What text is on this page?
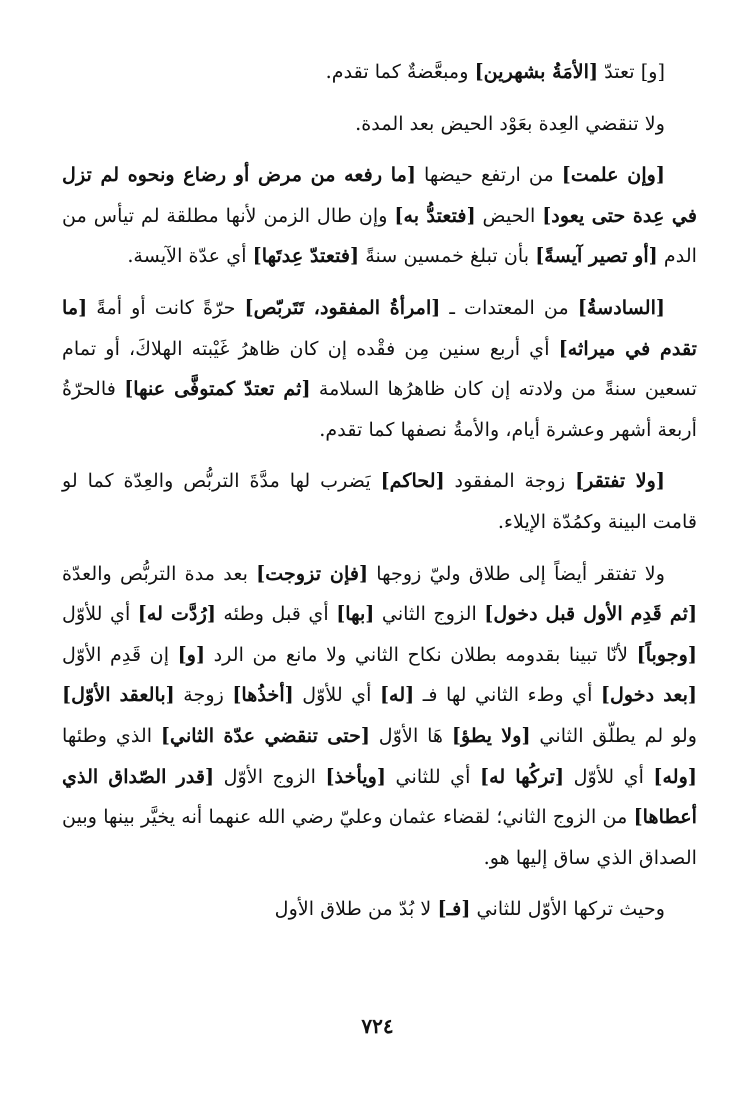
[و] تعتدّ [الأمَةُ بشهرين] ومبعَّضةٌ كما تقدم.

ولا تنقضي العِدة بعَوْد الحيض بعد المدة.

[وإن علمت] من ارتفع حيضها [ما رفعه من مرض أو رضاع ونحوه لم تزل في عِدة حتى يعود] الحيض [فتعتدُّ به] وإن طال الزمن لأنها مطلقة لم تيأس من الدم [أو تصير آيسةً] بأن تبلغ خمسين سنةً [فتعتدّ عِدتَها] أي عدّة الآيسة.

[السادسةُ] من المعتدات ـ [امرأةُ المفقود، تَتَربّص] حرّةً كانت أو أمةً [ما تقدم في ميراثه] أي أربع سنين مِن فقْده إن كان ظاهرُ غَيْبته الهلاكَ، أو تمام تسعين سنةً من ولادته إن كان ظاهرُها السلامة [ثم تعتدّ كمتوفَّى عنها] فالحرّةُ أربعة أشهر وعشرة أيام، والأمةُ نصفها كما تقدم.

[ولا تفتقر] زوجة المفقود [لحاكم] يَضرب لها مدَّةَ التربُّص والعِدّة كما لو قامت البينة وكمُدّة الإيلاء.

ولا تفتقر أيضاً إلى طلاق وليّ زوجها [فإن تزوجت] بعد مدة التربُّص والعدّة [ثم قَدِم الأول قبل دخول] الزوج الثاني [بها] أي قبل وطئه [رُدَّت له] أي للأوّل [وجوباً] لأنّا تبينا بقدومه بطلان نكاح الثاني ولا مانع من الرد [و] إن قَدِم الأوّل [بعد دخول] أي وطء الثاني لها فـ [له] أي للأوّل [أخذُها] زوجة [بالعقد الأوّل] ولو لم يطلّق الثاني [ولا يطؤ] هَا الأوّل [حتى تنقضي عدّة الثاني] الذي وطئها [وله] أي للأوّل [تركُها له] أي للثاني [ويأخذ] الزوج الأوّل [قدر الصّداق الذي أعطاها] من الزوج الثاني؛ لقضاء عثمان وعليّ رضي الله عنهما أنه يخيَّر بينها وبين الصداق الذي ساق إليها هو.

وحيث تركها الأوّل للثاني [فـ] لا بُدّ من طلاق الأول

٧٢٤
